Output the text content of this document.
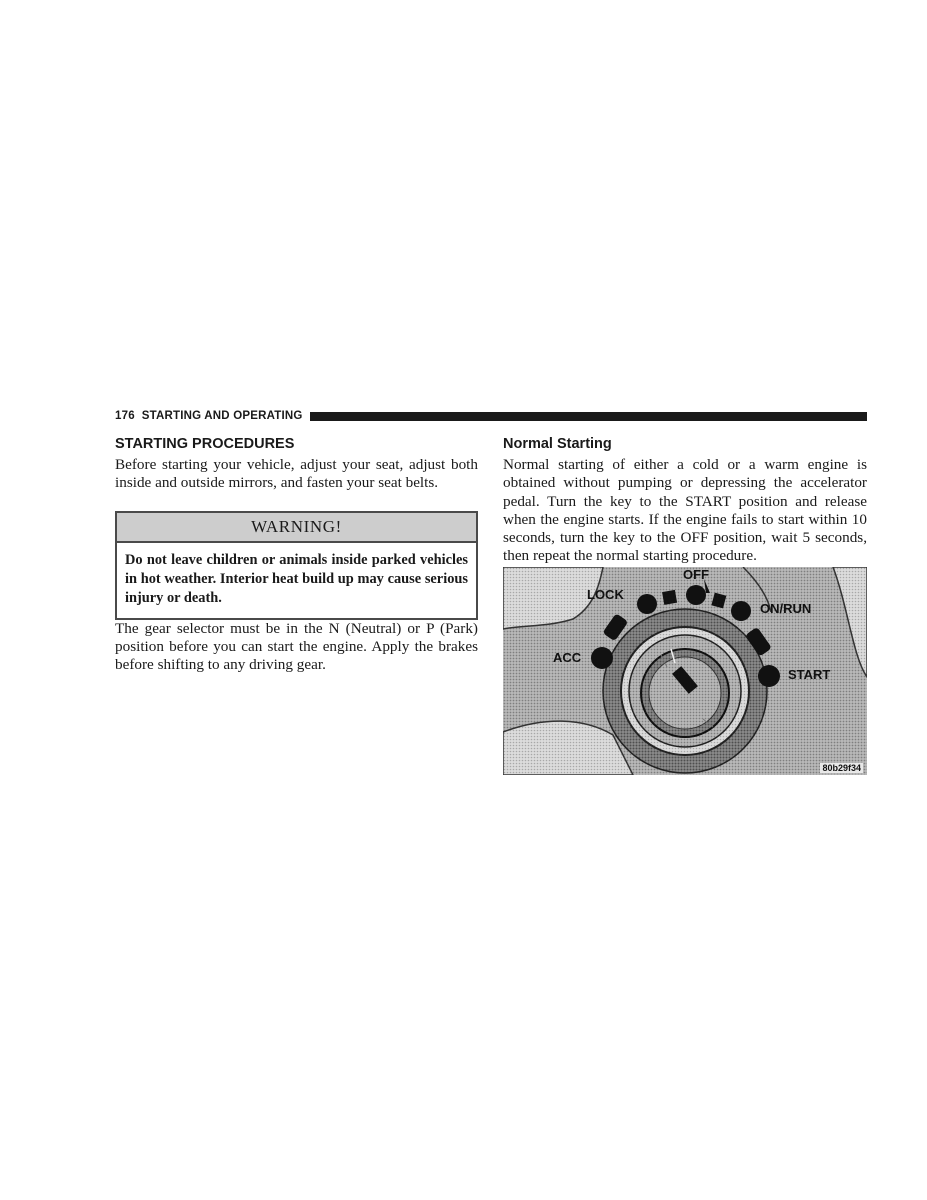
176 STARTING AND OPERATING
STARTING PROCEDURES

Before starting your vehicle, adjust your seat, adjust both inside and outside mirrors, and fasten your seat belts.

WARNING!
Do not leave children or animals inside parked vehicles in hot weather. Interior heat build up may cause serious injury or death.

The gear selector must be in the N (Neutral) or P (Park) position before you can start the engine. Apply the brakes before shifting to any driving gear.

Normal Starting

Normal starting of either a cold or a warm engine is obtained without pumping or depressing the accelerator pedal. Turn the key to the START position and release when the engine starts. If the engine fails to start within 10 seconds, turn the key to the OFF position, wait 5 seconds, then repeat the normal starting procedure.

OFF
LOCK
ON/RUN
ACC
START
80b29f34
